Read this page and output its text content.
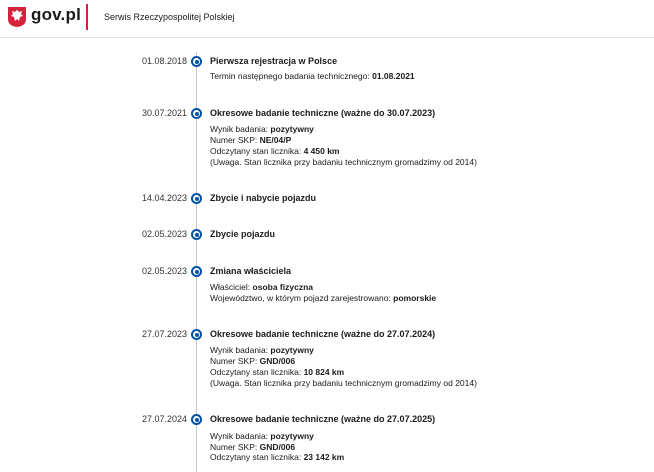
gov.pl	Serwis Rzeczypospolitej Polskiej
01.08.2018	Pierwsza rejestracja w Polsce
Termin następnego badania technicznego: 01.08.2021
30.07.2021	Okresowe badanie techniczne (ważne do 30.07.2023)
Wynik badania: pozytywny
Numer SKP: NE/04/P
Odczytany stan licznika: 4 450 km
(Uwaga. Stan licznika przy badaniu technicznym gromadzimy od 2014)
14.04.2023	Zbycie i nabycie pojazdu
02.05.2023	Zbycie pojazdu
02.05.2023	Zmiana właściciela
Właściciel: osoba fizyczna
Województwo, w którym pojazd zarejestrowano: pomorskie
27.07.2023	Okresowe badanie techniczne (ważne do 27.07.2024)
Wynik badania: pozytywny
Numer SKP: GND/006
Odczytany stan licznika: 10 824 km
(Uwaga. Stan licznika przy badaniu technicznym gromadzimy od 2014)
27.07.2024	Okresowe badanie techniczne (ważne do 27.07.2025)
Wynik badania: pozytywny
Numer SKP: GND/006
Odczytany stan licznika: 23 142 km
